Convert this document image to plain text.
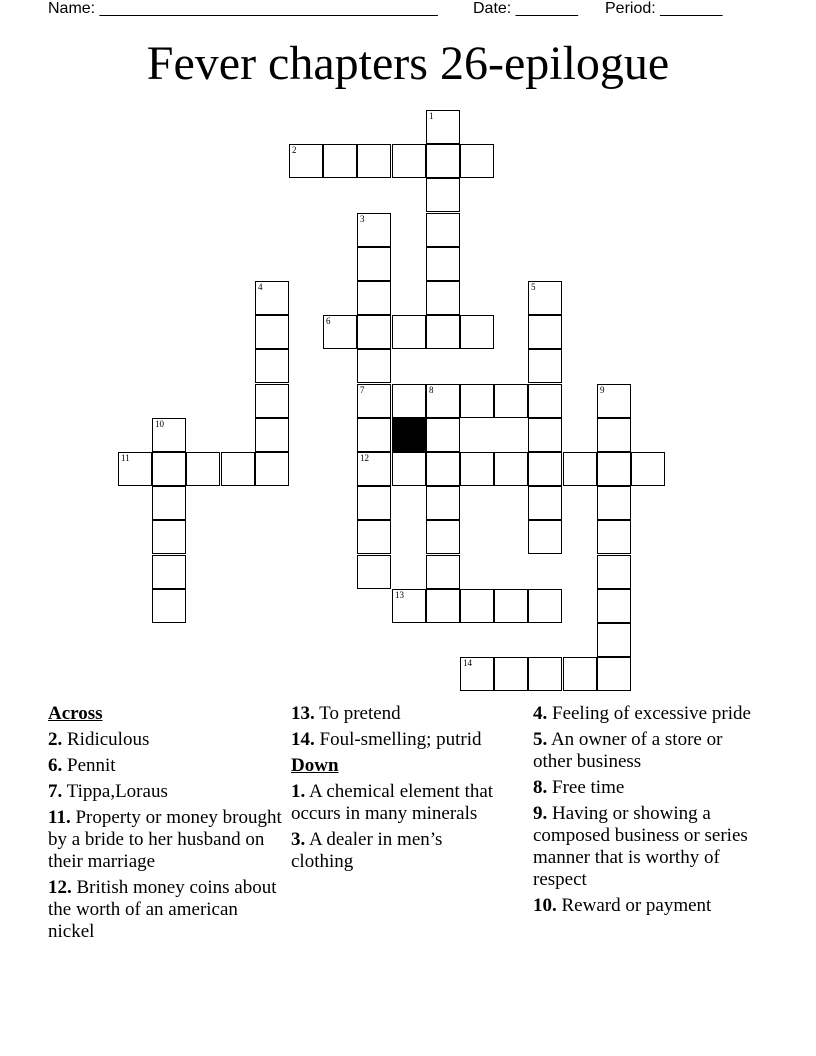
Name: ______________________________________

Date: _______

Period: _______

Fever chapters 26-epilogue
1
2
3
4	5
6
7	8	9
10
11	12
13
14
Across
2. Ridiculous
6. Pennit
7. Tippa,Loraus
11. Property or money brought by a bride to her husband on their marriage
12. British money coins about the worth of an american nickel
13. To pretend
14. Foul-smelling; putrid
Down
1. A chemical element that occurs in many minerals
3. A dealer in men’s clothing
4. Feeling of excessive pride
5. An owner of a store or other business
8. Free time
9. Having or showing a composed business or series manner that is worthy of respect
10. Reward or payment
